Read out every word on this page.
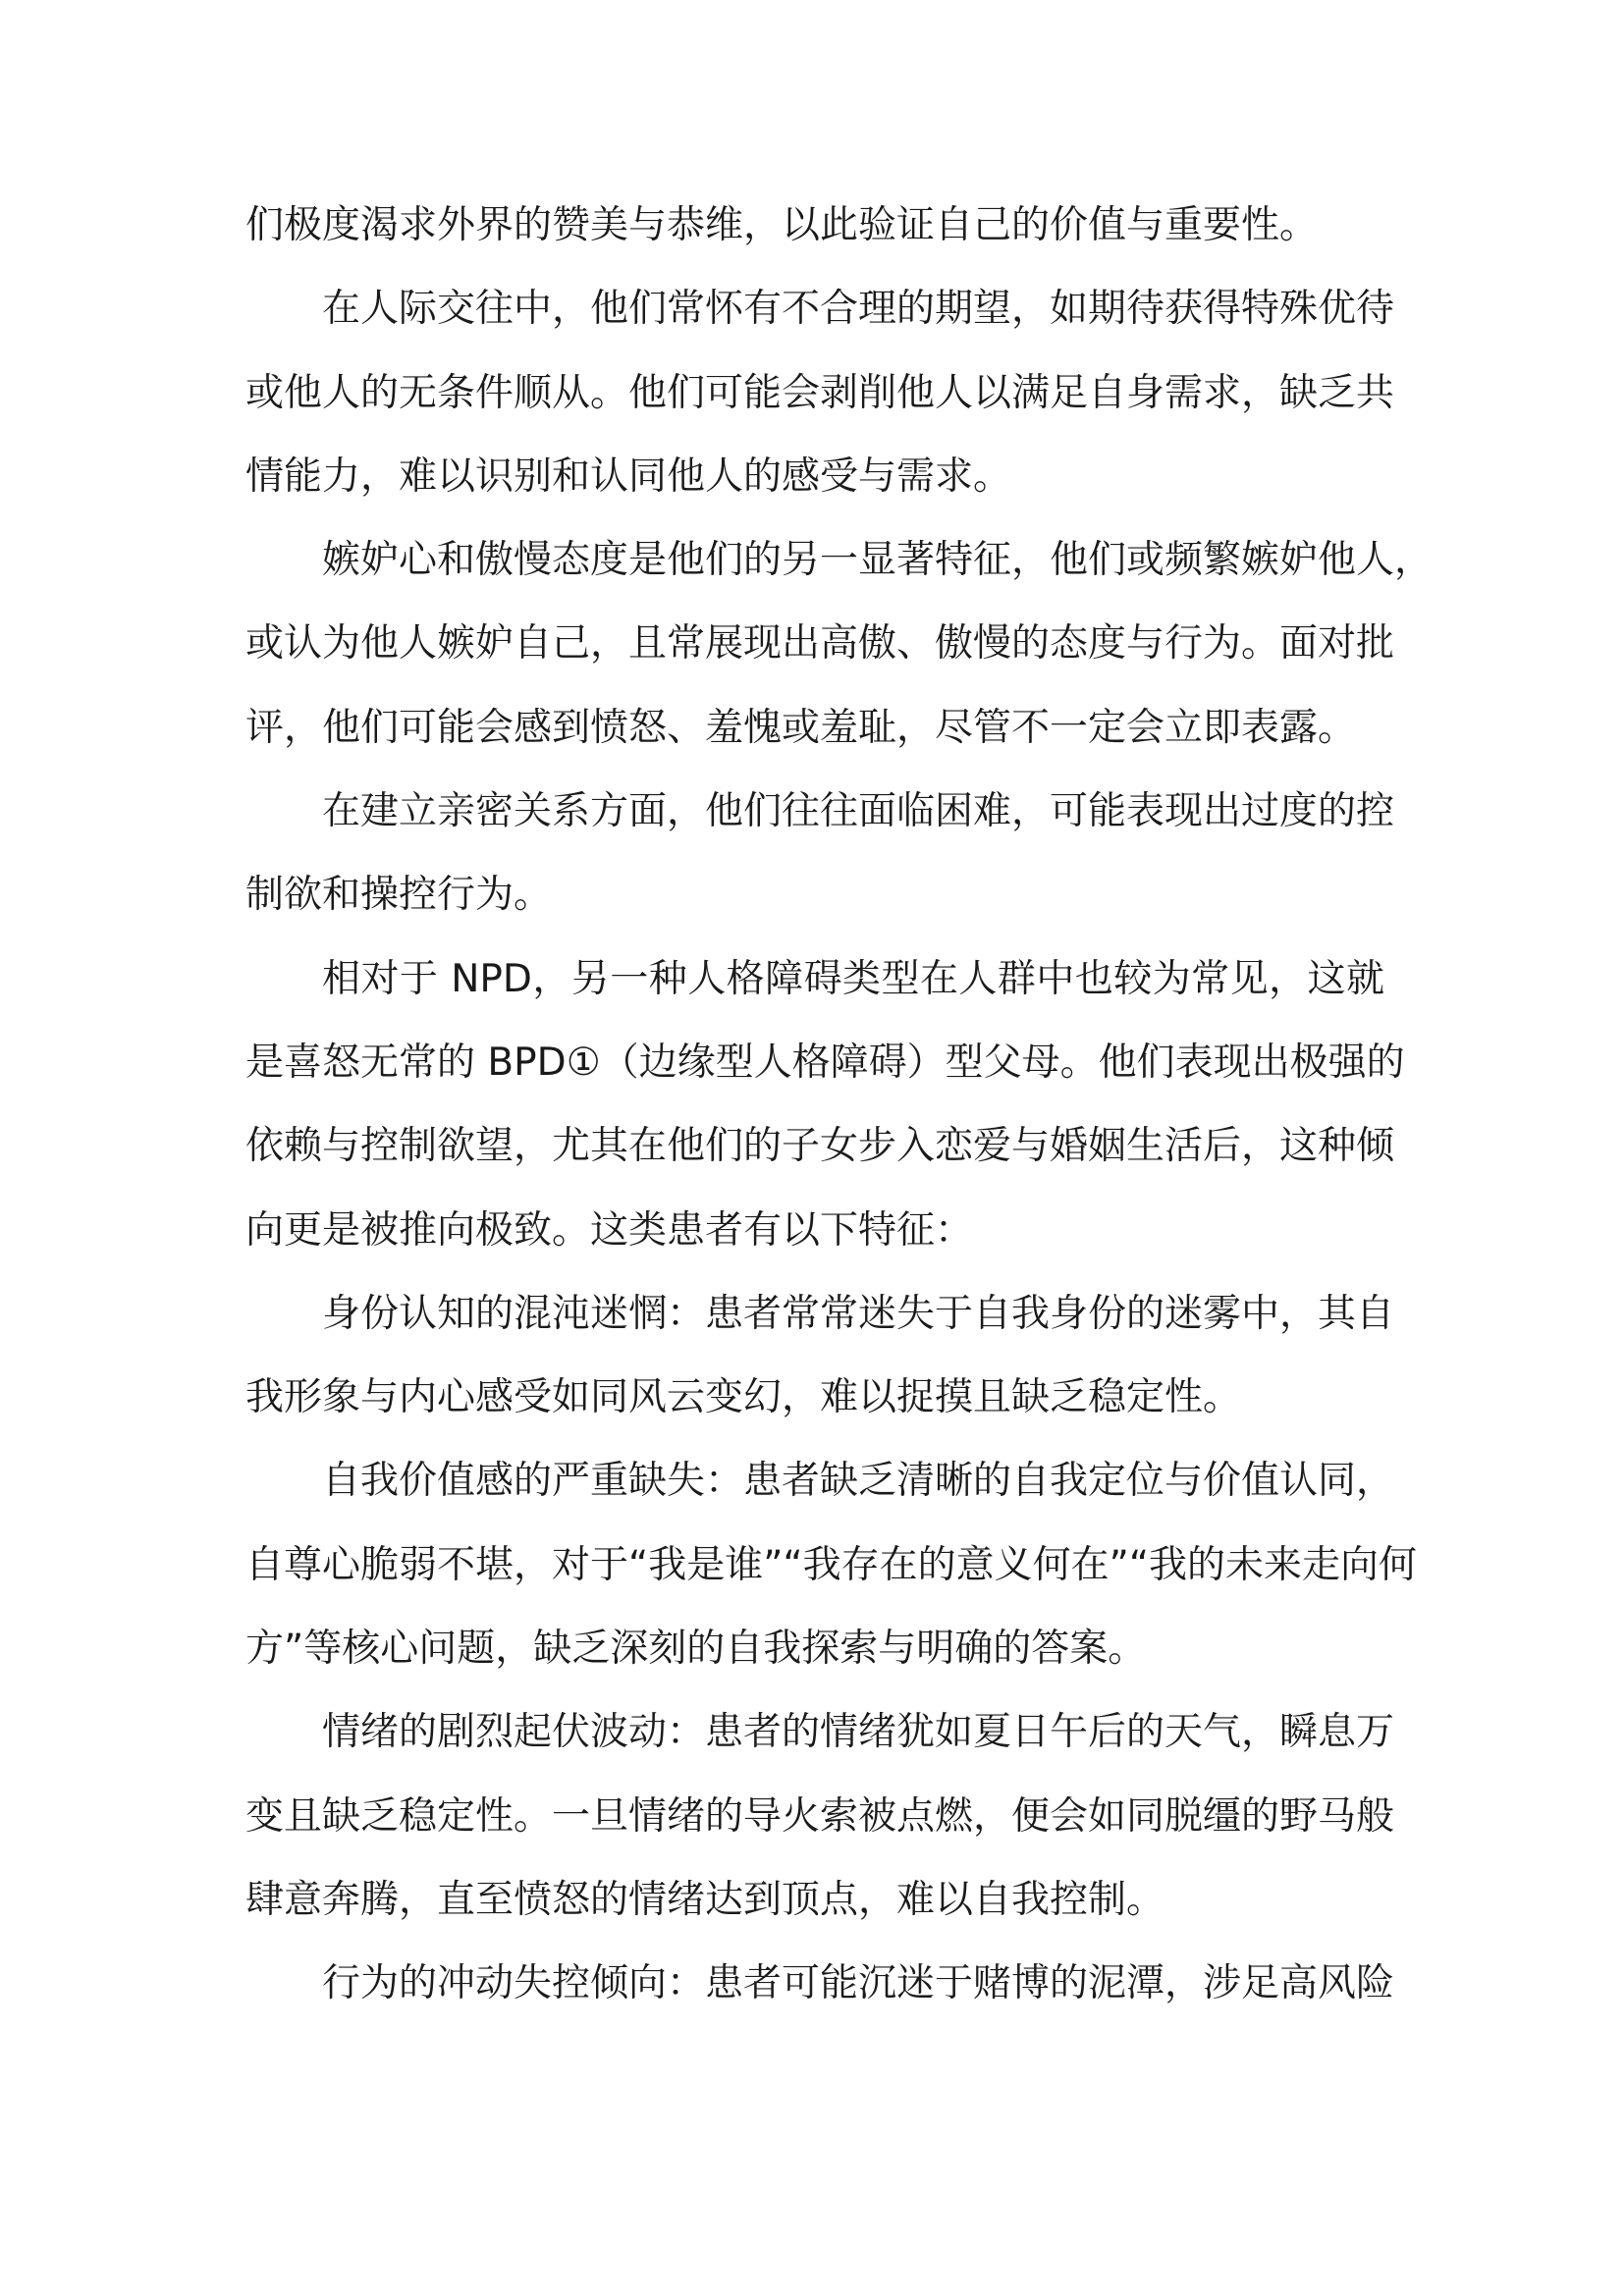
们极度渴求外界的赞美与恭维，以此验证自己的价值与重要性。
在人际交往中，他们常怀有不合理的期望，如期待获得特殊优待
或他人的无条件顺从。他们可能会剥削他人以满足自身需求，缺乏共
情能力，难以识别和认同他人的感受与需求。
嫉妒心和傲慢态度是他们的另一显著特征，他们或频繁嫉妒他人，
或认为他人嫉妒自己，且常展现出高傲、傲慢的态度与行为。面对批
评，他们可能会感到愤怒、羞愧或羞耻，尽管不一定会立即表露。
在建立亲密关系方面，他们往往面临困难，可能表现出过度的控
制欲和操控行为。
相对于 NPD，另一种人格障碍类型在人群中也较为常见，这就
是喜怒无常的 BPD①（边缘型人格障碍）型父母。他们表现出极强的
依赖与控制欲望，尤其在他们的子女步入恋爱与婚姻生活后，这种倾
向更是被推向极致。这类患者有以下特征：
身份认知的混沌迷惘：患者常常迷失于自我身份的迷雾中，其自
我形象与内心感受如同风云变幻，难以捉摸且缺乏稳定性。
自我价值感的严重缺失：患者缺乏清晰的自我定位与价值认同，
自尊心脆弱不堪，对于“我是谁”“我存在的意义何在”“我的未来走向何
方”等核心问题，缺乏深刻的自我探索与明确的答案。
情绪的剧烈起伏波动：患者的情绪犹如夏日午后的天气，瞬息万
变且缺乏稳定性。一旦情绪的导火索被点燃，便会如同脱缰的野马般
肆意奔腾，直至愤怒的情绪达到顶点，难以自我控制。
行为的冲动失控倾向：患者可能沉迷于赌博的泥潭，涉足高风险
